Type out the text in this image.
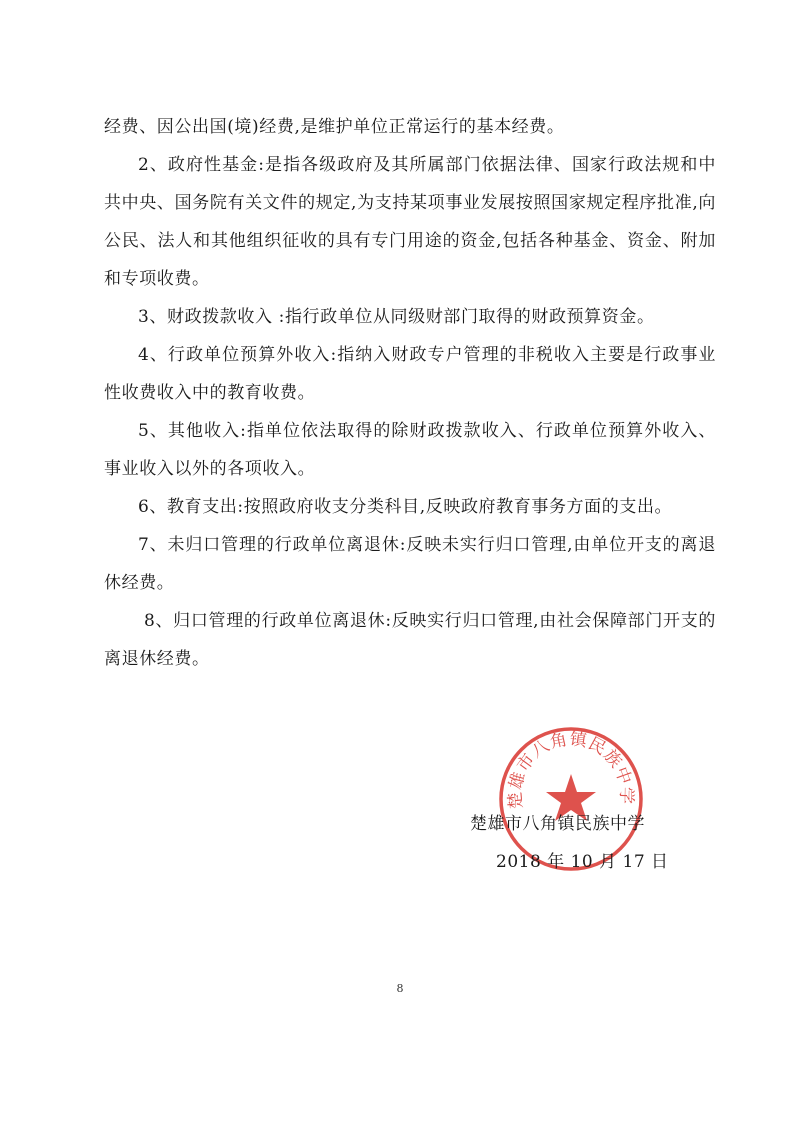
经费、因公出国(境)经费,是维护单位正常运行的基本经费。

2、政府性基金:是指各级政府及其所属部门依据法律、国家行政法规和中共中央、国务院有关文件的规定,为支持某项事业发展按照国家规定程序批准,向公民、法人和其他组织征收的具有专门用途的资金,包括各种基金、资金、附加和专项收费。

3、财政拨款收入 :指行政单位从同级财部门取得的财政预算资金。

4、行政单位预算外收入:指纳入财政专户管理的非税收入主要是行政事业性收费收入中的教育收费。

5、其他收入:指单位依法取得的除财政拨款收入、行政单位预算外收入、事业收入以外的各项收入。

6、教育支出:按照政府收支分类科目,反映政府教育事务方面的支出。

7、未归口管理的行政单位离退休:反映未实行归口管理,由单位开支的离退休经费。

8、归口管理的行政单位离退休:反映实行归口管理,由社会保障部门开支的离退休经费。

楚雄市八角镇民族中学
楚雄市八角镇民族中学
2018 年 10 月 17 日
8
